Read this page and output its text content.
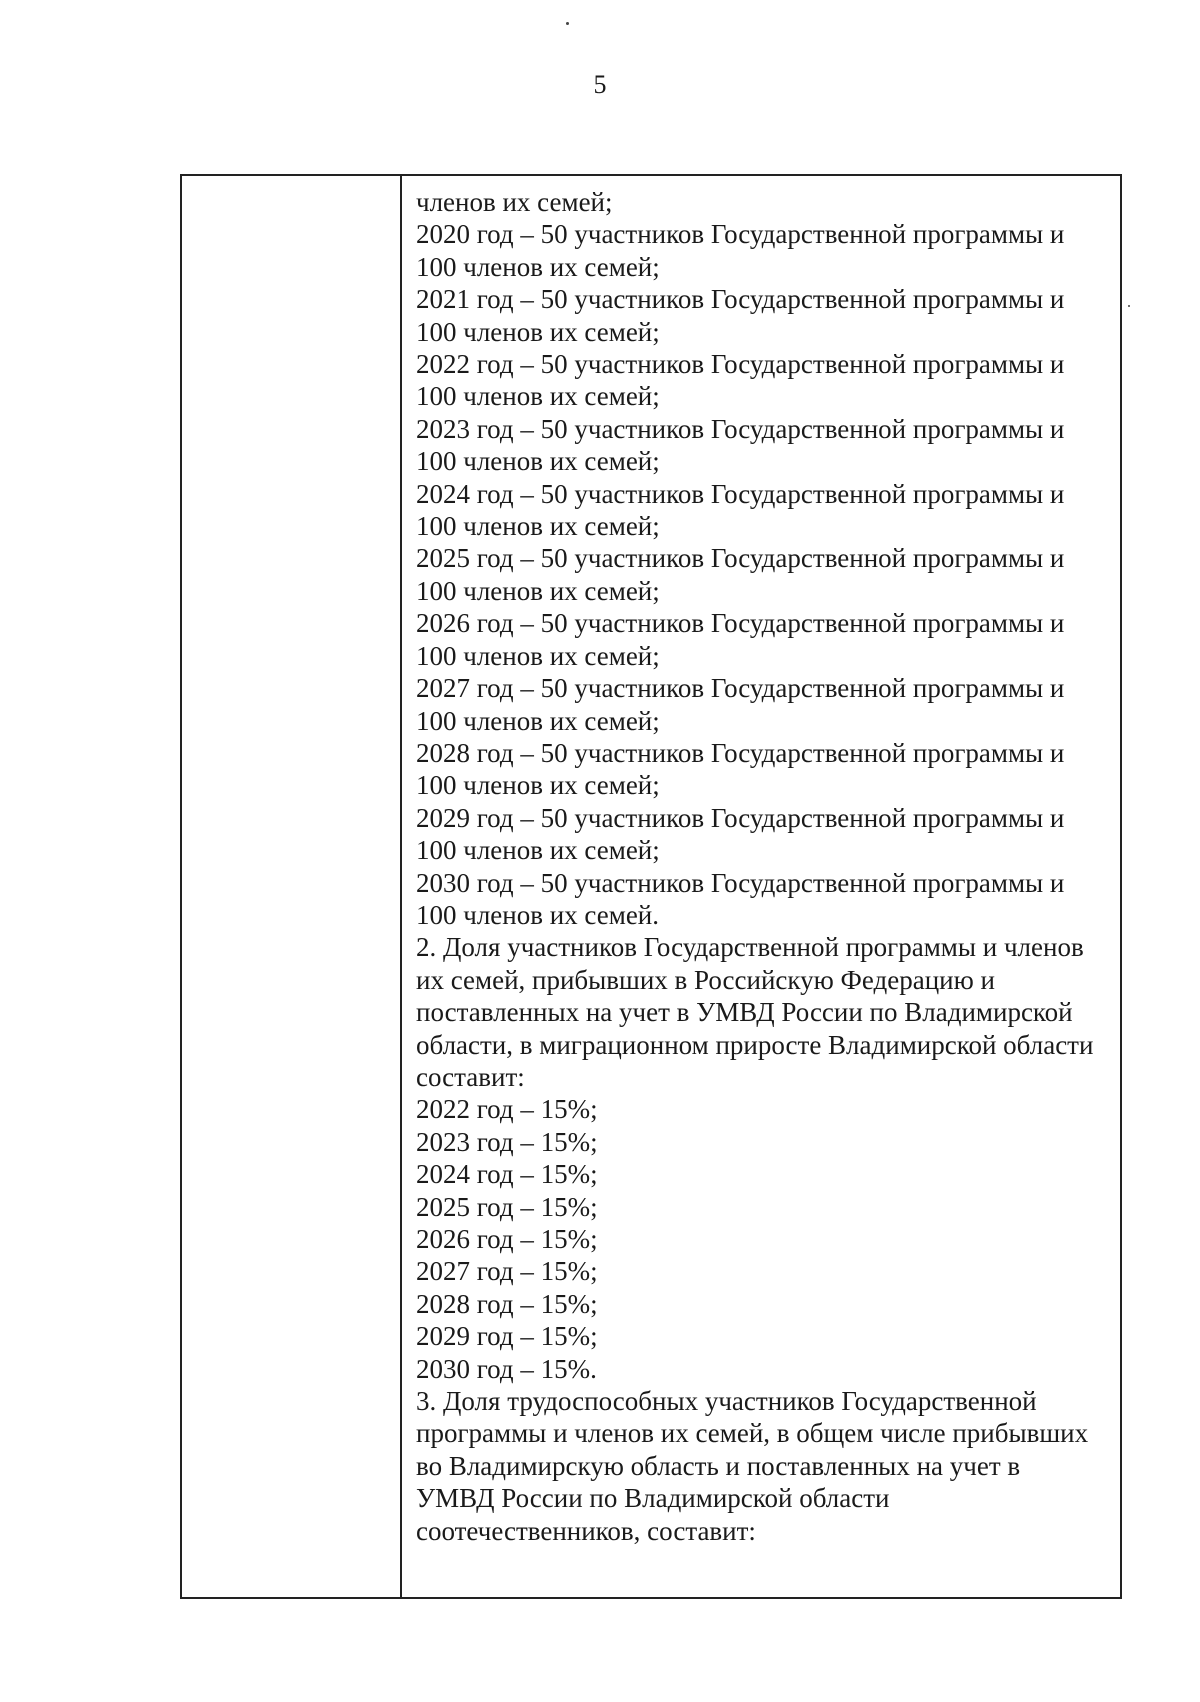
5
членов их семей;
2020 год – 50 участников Государственной программы и
100 членов их семей;
2021 год – 50 участников Государственной программы и
100 членов их семей;
2022 год – 50 участников Государственной программы и
100 членов их семей;
2023 год – 50 участников Государственной программы и
100 членов их семей;
2024 год – 50 участников Государственной программы и
100 членов их семей;
2025 год – 50 участников Государственной программы и
100 членов их семей;
2026 год – 50 участников Государственной программы и
100 членов их семей;
2027 год – 50 участников Государственной программы и
100 членов их семей;
2028 год – 50 участников Государственной программы и
100 членов их семей;
2029 год – 50 участников Государственной программы и
100 членов их семей;
2030 год – 50 участников Государственной программы и
100 членов их семей.
2. Доля участников Государственной программы и членов
их семей, прибывших в Российскую Федерацию и
поставленных на учет в УМВД России по Владимирской
области, в миграционном приросте Владимирской области
составит:
2022 год – 15%;
2023 год – 15%;
2024 год – 15%;
2025 год – 15%;
2026 год – 15%;
2027 год – 15%;
2028 год – 15%;
2029 год – 15%;
2030 год – 15%.
3. Доля трудоспособных участников Государственной
программы и членов их семей, в общем числе прибывших
во Владимирскую область и поставленных на учет в
УМВД России по Владимирской области
соотечественников, составит:
